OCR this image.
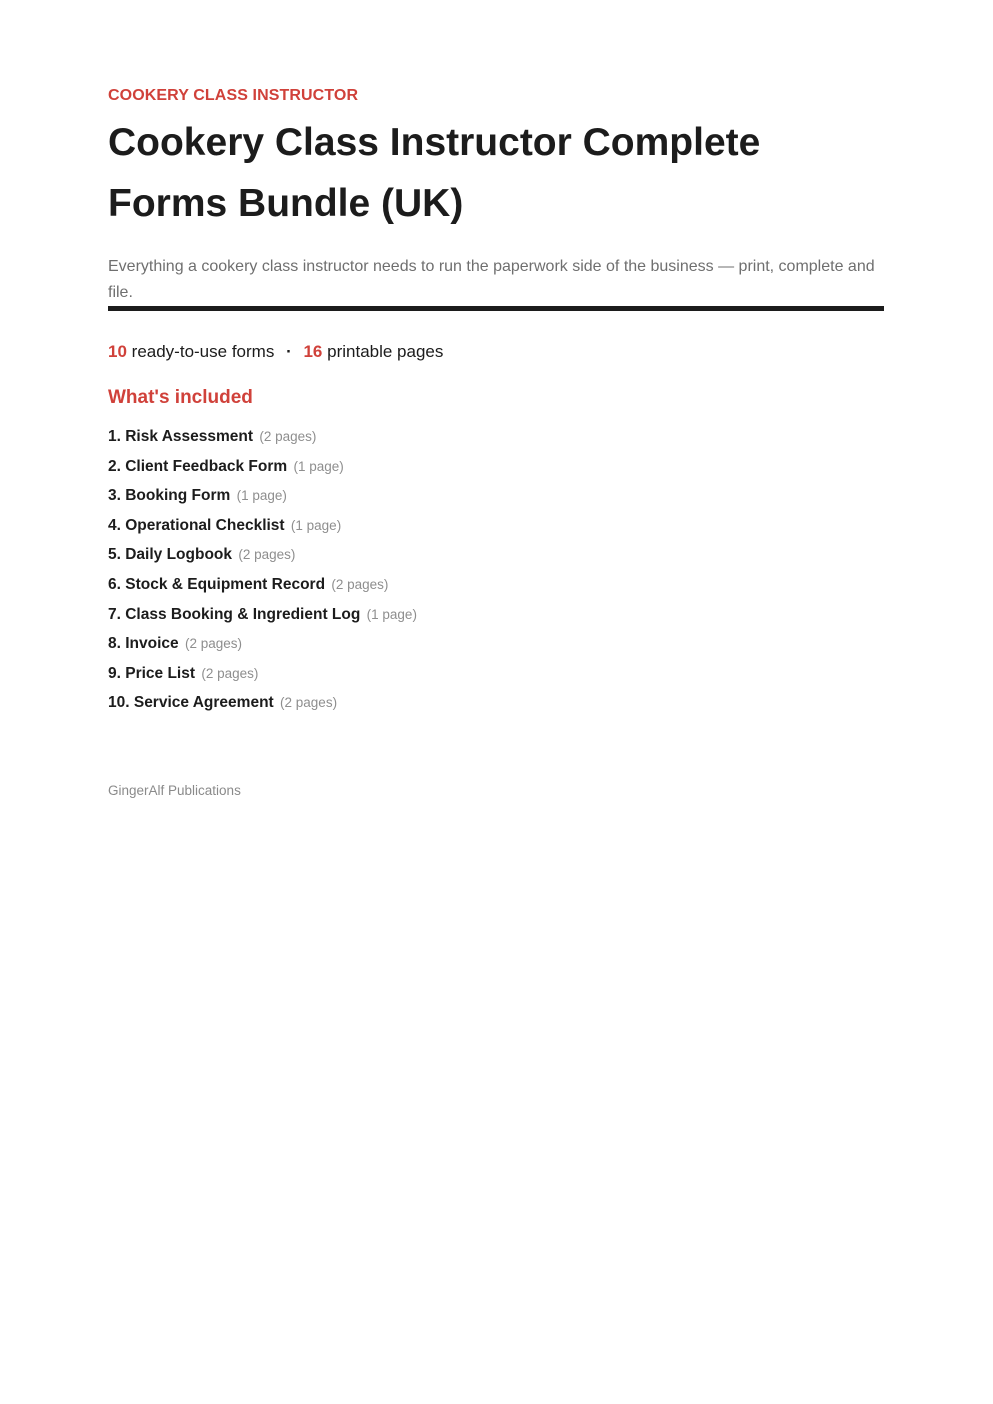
COOKERY CLASS INSTRUCTOR

Cookery Class Instructor Complete Forms Bundle (UK)

Everything a cookery class instructor needs to run the paperwork side of the business — print, complete and file.

10 ready-to-use forms · 16 printable pages
What's included
1. Risk Assessment (2 pages)
2. Client Feedback Form (1 page)
3. Booking Form (1 page)
4. Operational Checklist (1 page)
5. Daily Logbook (2 pages)
6. Stock & Equipment Record (2 pages)
7. Class Booking & Ingredient Log (1 page)
8. Invoice (2 pages)
9. Price List (2 pages)
10. Service Agreement (2 pages)
GingerAlf Publications
